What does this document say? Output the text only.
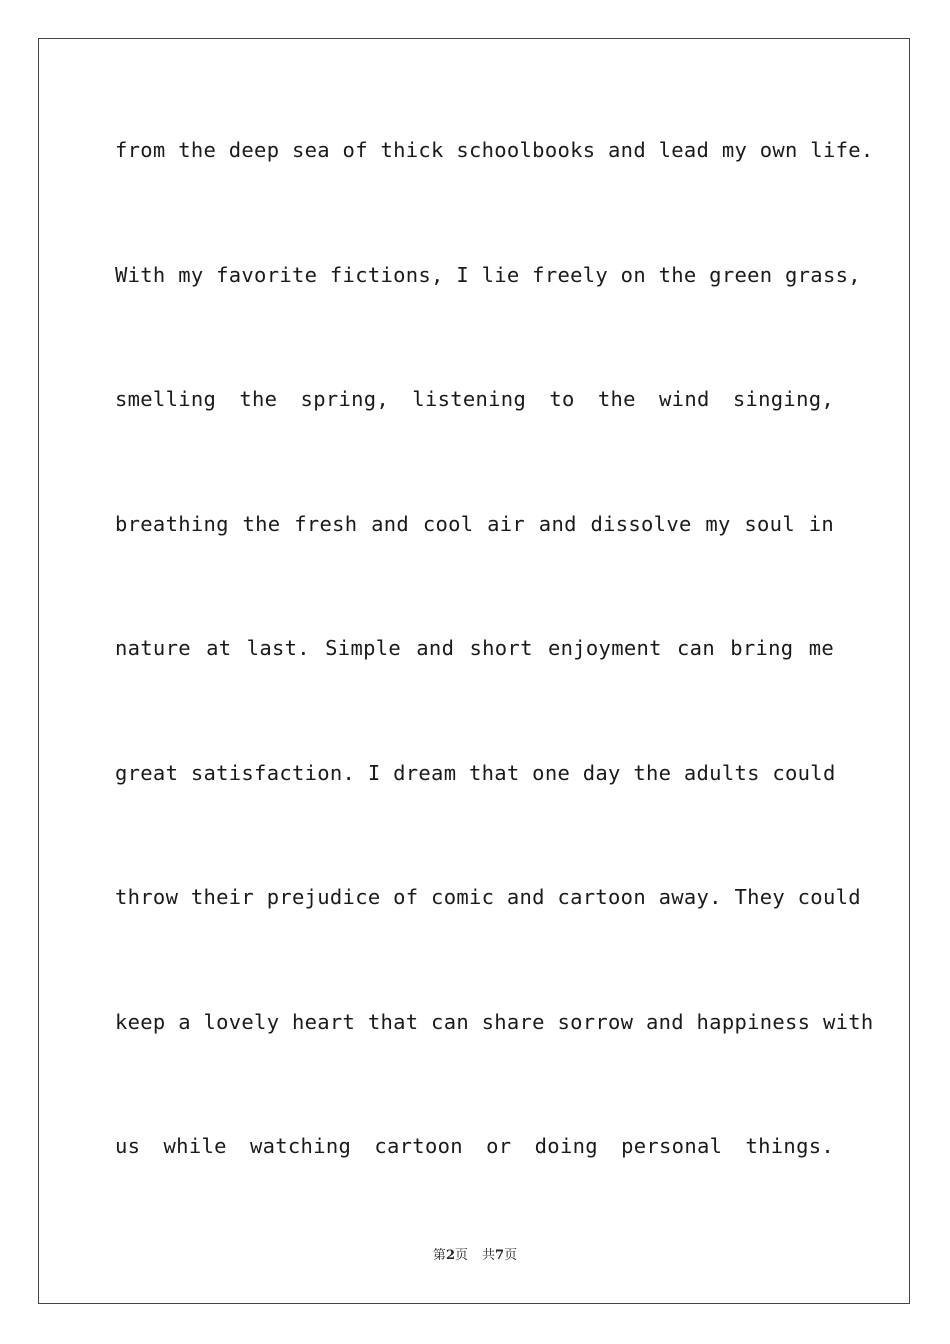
from the deep sea of thick schoolbooks and lead my own life.
With my favorite fictions, I lie freely on the green grass,
smelling the spring, listening to the wind singing,
breathing the fresh and cool air and dissolve my soul in
nature at last. Simple and short enjoyment can bring me
great satisfaction. I dream that one day the adults could
throw their prejudice of comic and cartoon away. They could
keep a lovely heart that can share sorrow and happiness with
us while watching cartoon or doing personal things.
第2页 共7页
